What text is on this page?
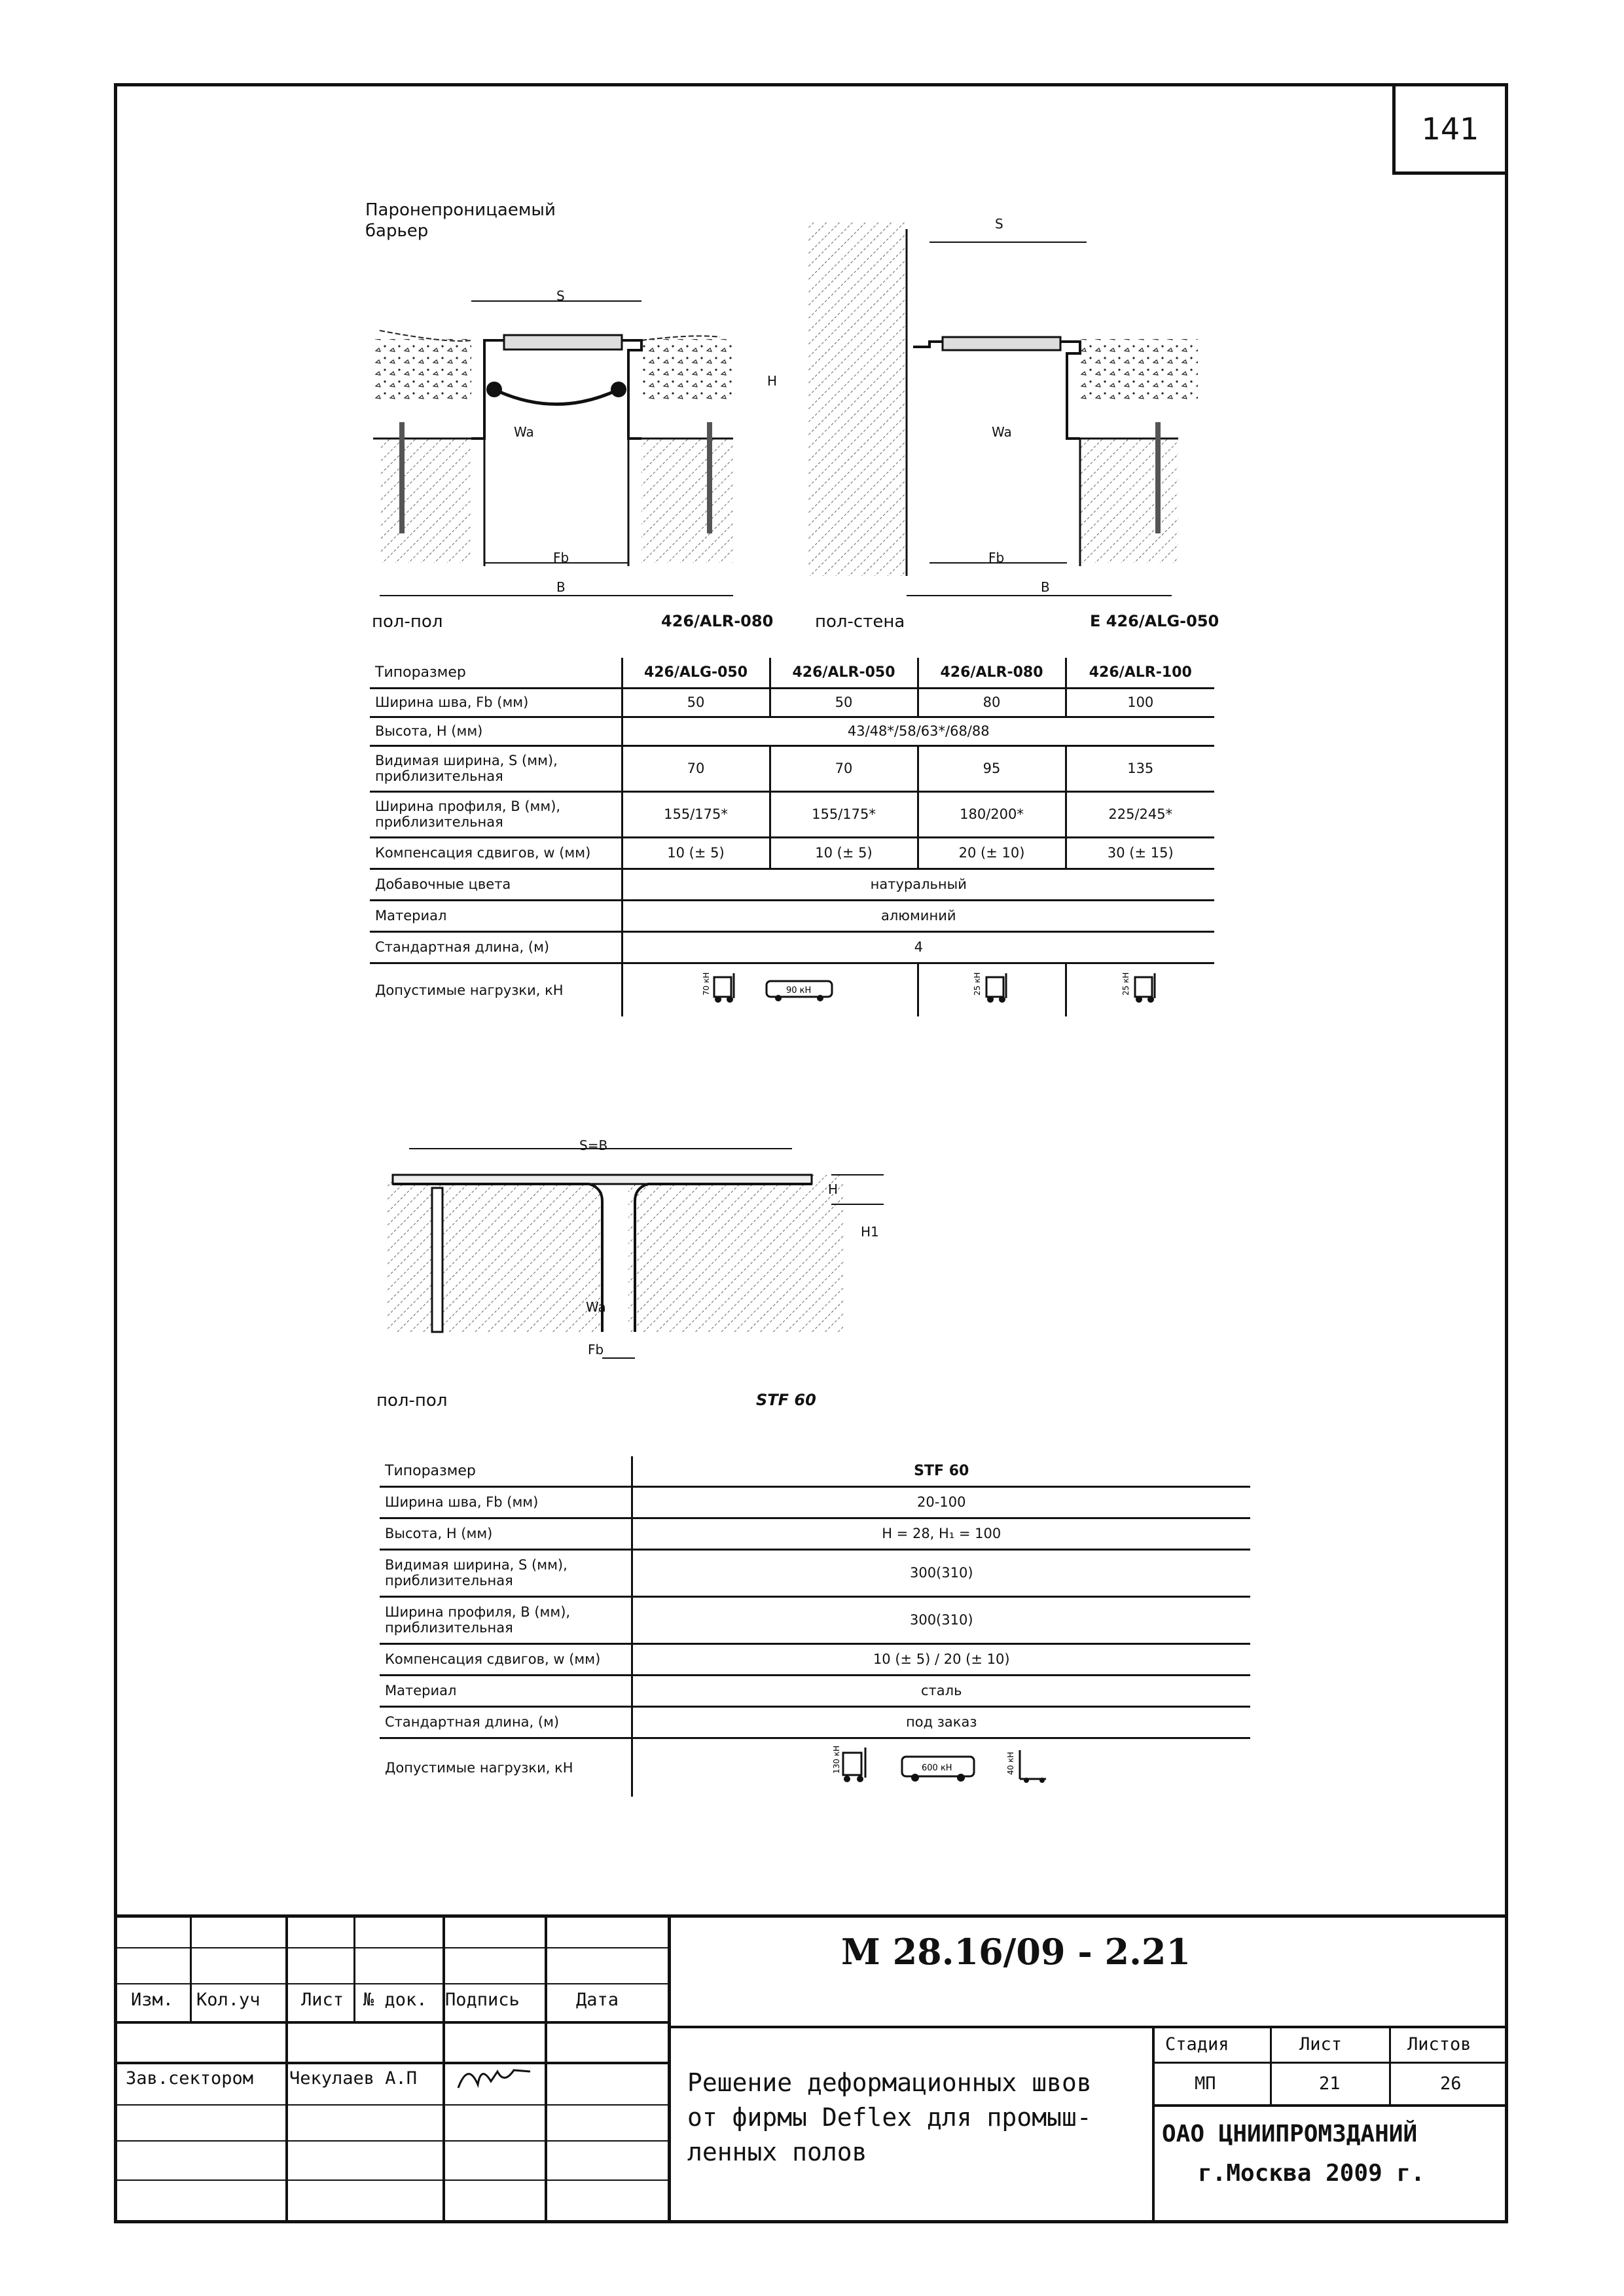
141
Паронепроницаемый
барьер
S
S
Wa	Wa
Fb	Fb
B	B
H
пол-пол	426/ALR-080 пол-стена	E 426/ALG-050
Типоразмер	426/ALG-050	426/ALR-050	426/ALR-080	426/ALR-100
Ширина шва, Fb (мм)	50	50	80	100
Высота, H (мм)	43/48*/58/63*/68/88			
Видимая ширина, S (мм),
приблизительная	70	70	95	135
Ширина профиля, B (мм),
приблизительная	155/175*	155/175*	180/200*	225/245*
Компенсация сдвигов, w (мм)	10 (± 5)	10 (± 5)	20 (± 10)	30 (± 15)
Добавочные цвета	натуральный			
Материал	алюминий			
Стандартная длина, (м)	4			
Допустимые нагрузки, кН	70 кН 90 кН		25 кН	25 кН
S=B
H
H1
Wa
Fb
пол-пол	STF 60
Типоразмер	STF 60
Ширина шва, Fb (мм)	20-100
Высота, H (мм)	H = 28, H₁ = 100
Видимая ширина, S (мм),
приблизительная	300(310)
Ширина профиля, B (мм),
приблизительная	300(310)
Компенсация сдвигов, w (мм)	10 (± 5) / 20 (± 10)
Материал	сталь
Стандартная длина, (м)	под заказ
Допустимые нагрузки, кН	130 кН 600 кН 40 кН
М 28.16/09 - 2.21
Изм. Кол.уч Лист № док. Подпись	Дата
Зав.сектором Чекулаев А.П
Стадия	Лист	Листов
МП	21	26
Решение деформационных швов
от фирмы Deflex для промыш-
ленных полов
ОАО ЦНИИПРОМЗДАНИЙ
г.Москва 2009 г.
